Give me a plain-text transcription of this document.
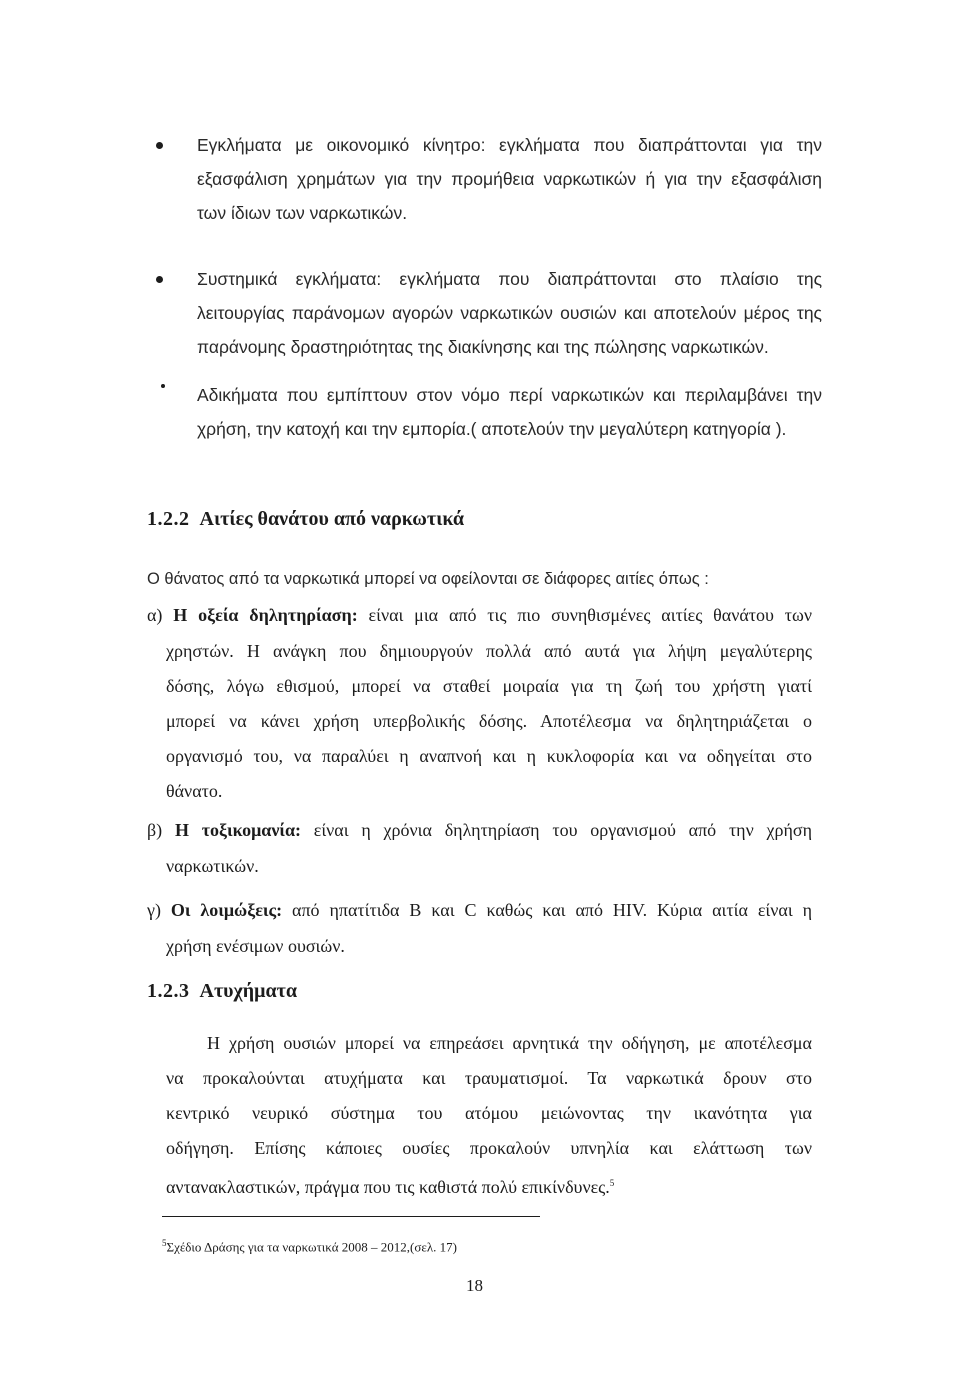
Εγκλήματα με οικονομικό κίνητρο: εγκλήματα που διαπράττονται για την
εξασφάλιση χρημάτων για την προμήθεια ναρκωτικών ή για την εξασφάλιση
των ίδιων των ναρκωτικών.
Συστημικά εγκλήματα: εγκλήματα που διαπράττονται στο πλαίσιο της
λειτουργίας παράνομων αγορών ναρκωτικών ουσιών και αποτελούν μέρος της
παράνομης δραστηριότητας της διακίνησης και της πώλησης ναρκωτικών.
Αδικήματα που εμπίπτουν στον νόμο περί ναρκωτικών και περιλαμβάνει την
χρήση, την κατοχή και την εμπορία.( αποτελούν την μεγαλύτερη κατηγορία ).
1.2.2 Αιτίες θανάτου από ναρκωτικά
Ο θάνατος από τα ναρκωτικά μπορεί να οφείλονται σε διάφορες αιτίες όπως :
α) Η οξεία δηλητηρίαση: είναι μια από τις πιο συνηθισμένες αιτίες θανάτου των
χρηστών. Η ανάγκη που δημιουργούν πολλά από αυτά για λήψη μεγαλύτερης
δόσης, λόγω εθισμού, μπορεί να σταθεί μοιραία για τη ζωή του χρήστη γιατί
μπορεί να κάνει χρήση υπερβολικής δόσης. Αποτέλεσμα να δηλητηριάζεται ο
οργανισμό του, να παραλύει η αναπνοή και η κυκλοφορία και να οδηγείται στο
θάνατο.
β) Η τοξικομανία: είναι η χρόνια δηλητηρίαση του οργανισμού από την χρήση
ναρκωτικών.
γ) Οι λοιμώξεις: από ηπατίτιδα Β και C καθώς και από HIV. Κύρια αιτία είναι η
χρήση ενέσιμων ουσιών.
1.2.3 Ατυχήματα
Η χρήση ουσιών μπορεί να επηρεάσει αρνητικά την οδήγηση, με αποτέλεσμα
να προκαλούνται ατυχήματα και τραυματισμοί. Τα ναρκωτικά δρουν στο
κεντρικό νευρικό σύστημα του ατόμου μειώνοντας την ικανότητα για
οδήγηση. Επίσης κάποιες ουσίες προκαλούν υπνηλία και ελάττωση των
αντανακλαστικών, πράγμα που τις καθιστά πολύ επικίνδυνες.$^5$
$^5$Σχέδιο Δράσης για τα ναρκωτικά 2008 – 2012,(σελ. 17)
18
